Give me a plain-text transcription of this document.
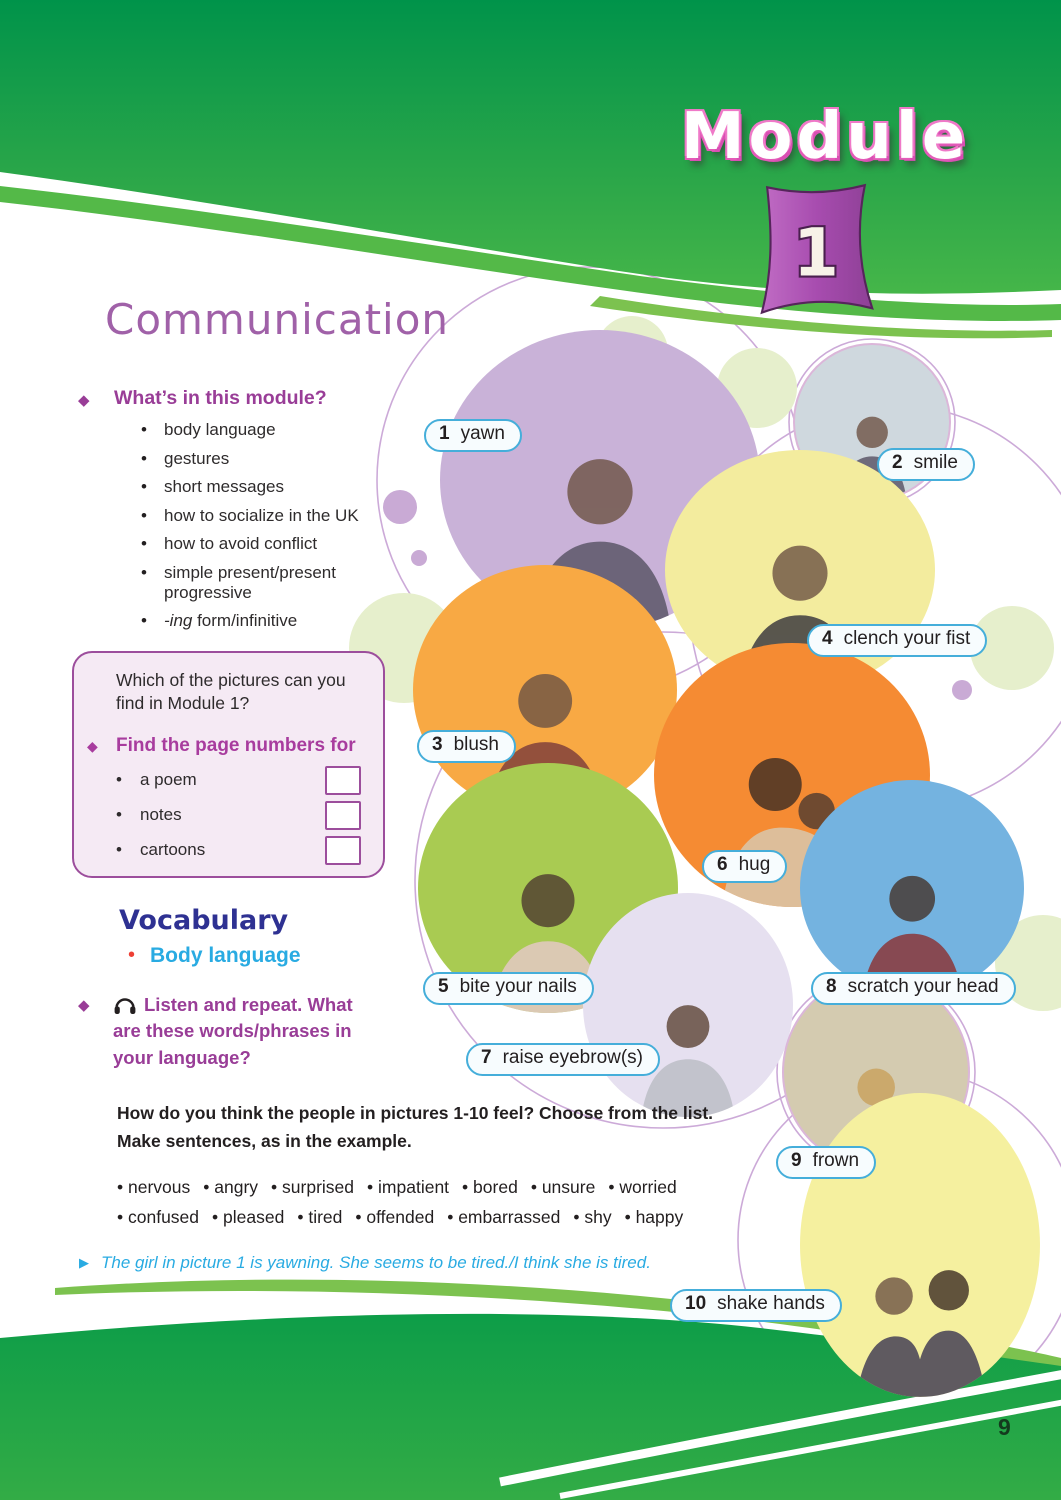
Module
1
Communication
◆ What’s in this module?
• body language
• gestures
• short messages
• how to socialize in the UK
• how to avoid conflict
• simple present/present progressive
• -ing form/infinitive
Which of the pictures can you find in Module 1?
◆ Find the page numbers for
• a poem
• notes
• cartoons
Vocabulary
• Body language
◆	Listen and repeat. What are these words/phrases in your language?
How do you think the people in pictures 1-10 feel? Choose from the list.
Make sentences, as in the example.
• nervous • angry • surprised • impatient • bored • unsure • worried
• confused • pleased • tired • offended • embarrassed • shy • happy
▶ The girl in picture 1 is yawning. She seems to be tired./I think she is tired.
1 yawn
2 smile
3 blush
4 clench your fist
5 bite your nails
6 hug
7 raise eyebrow(s)
8 scratch your head
9 frown
10 shake hands
9
